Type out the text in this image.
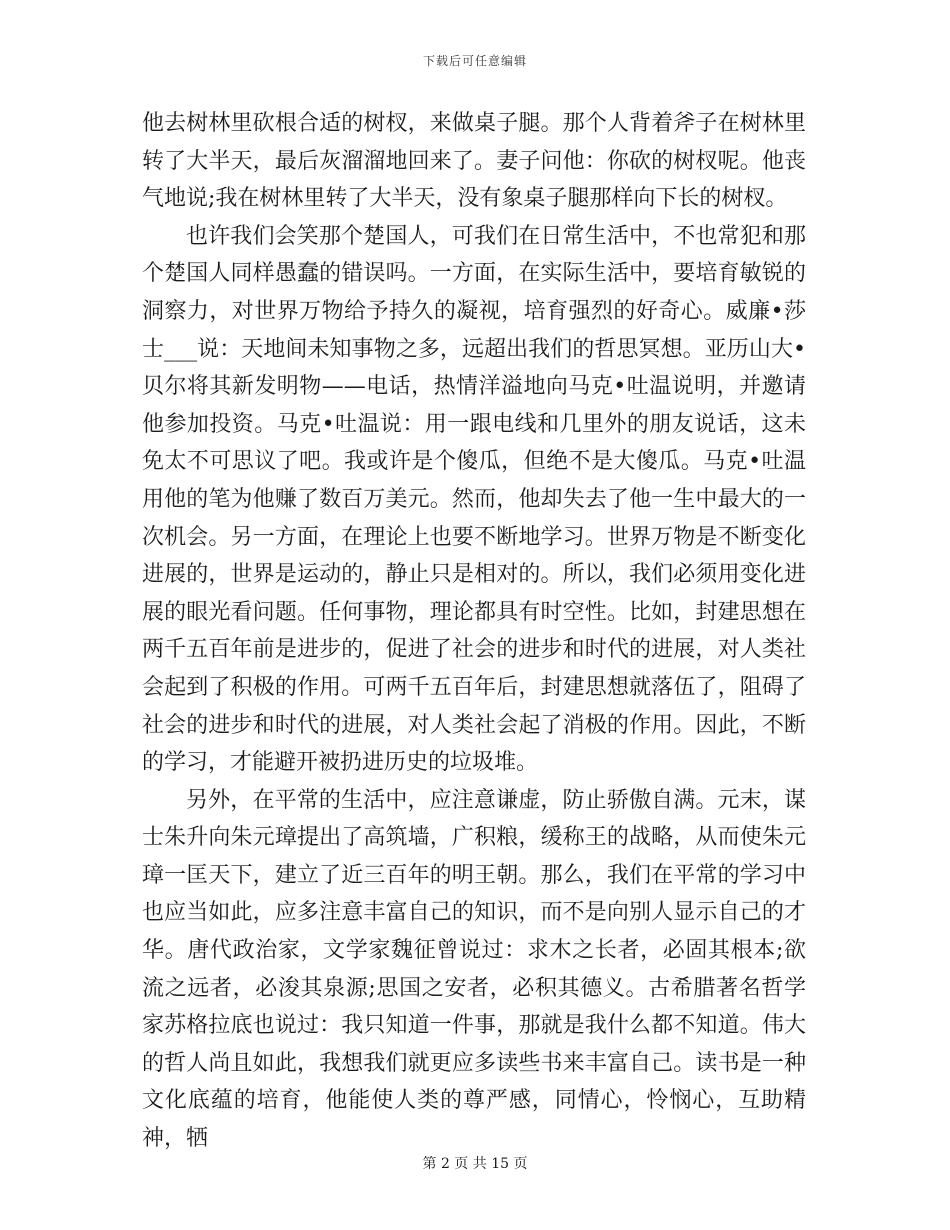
下载后可任意编辑

他去树林里砍根合适的树杈，来做桌子腿。那个人背着斧子在树林里转了大半天，最后灰溜溜地回来了。妻子问他：你砍的树杈呢。他丧气地说;我在树林里转了大半天，没有象桌子腿那样向下长的树杈。

也许我们会笑那个楚国人，可我们在日常生活中，不也常犯和那个楚国人同样愚蠢的错误吗。一方面，在实际生活中，要培育敏锐的洞察力，对世界万物给予持久的凝视，培育强烈的好奇心。威廉•莎士___说：天地间未知事物之多，远超出我们的哲思冥想。亚历山大•贝尔将其新发明物——电话，热情洋溢地向马克•吐温说明，并邀请他参加投资。马克•吐温说：用一跟电线和几里外的朋友说话，这未免太不可思议了吧。我或许是个傻瓜，但绝不是大傻瓜。马克•吐温用他的笔为他赚了数百万美元。然而，他却失去了他一生中最大的一次机会。另一方面，在理论上也要不断地学习。世界万物是不断变化进展的，世界是运动的，静止只是相对的。所以，我们必须用变化进展的眼光看问题。任何事物，理论都具有时空性。比如，封建思想在两千五百年前是进步的，促进了社会的进步和时代的进展，对人类社会起到了积极的作用。可两千五百年后，封建思想就落伍了，阻碍了社会的进步和时代的进展，对人类社会起了消极的作用。因此，不断的学习，才能避开被扔进历史的垃圾堆。

另外，在平常的生活中，应注意谦虚，防止骄傲自满。元末，谋士朱升向朱元璋提出了高筑墙，广积粮，缓称王的战略，从而使朱元璋一匡天下，建立了近三百年的明王朝。那么，我们在平常的学习中也应当如此，应多注意丰富自己的知识，而不是向别人显示自己的才华。唐代政治家，文学家魏征曾说过：求木之长者，必固其根本;欲流之远者，必浚其泉源;思国之安者，必积其德义。古希腊著名哲学家苏格拉底也说过：我只知道一件事，那就是我什么都不知道。伟大的哲人尚且如此，我想我们就更应多读些书来丰富自己。读书是一种文化底蕴的培育，他能使人类的尊严感，同情心，怜悯心，互助精神，牺

第 2 页 共 15 页
